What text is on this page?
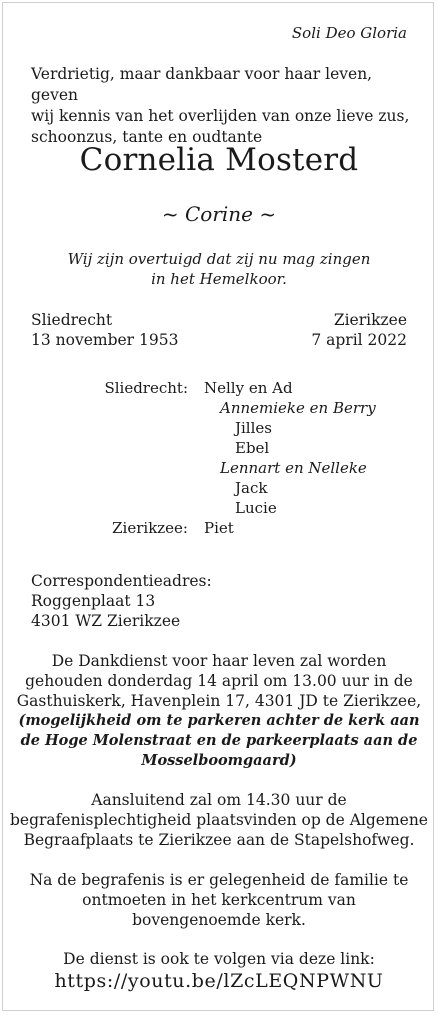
Soli Deo Gloria
Verdrietig, maar dankbaar voor haar leven, geven
wij kennis van het overlijden van onze lieve zus,
schoonzus, tante en oudtante
Cornelia Mosterd
~ Corine ~
Wij zijn overtuigd dat zij nu mag zingen
in het Hemelkoor.
Sliedrecht
13 november 1953
Zierikzee
7 april 2022
Sliedrecht: Nelly en Ad
Annemieke en Berry
Jilles
Ebel
Lennart en Nelleke
Jack
Lucie
Zierikzee: Piet
Correspondentieadres:
Roggenplaat 13
4301 WZ Zierikzee
De Dankdienst voor haar leven zal worden
gehouden donderdag 14 april om 13.00 uur in de
Gasthuiskerk, Havenplein 17, 4301 JD te Zierikzee,
(mogelijkheid om te parkeren achter de kerk aan
de Hoge Molenstraat en de parkeerplaats aan de
Mosselboomgaard)
Aansluitend zal om 14.30 uur de
begrafenisplechtigheid plaatsvinden op de Algemene
Begraafplaats te Zierikzee aan de Stapelshofweg.
Na de begrafenis is er gelegenheid de familie te
ontmoeten in het kerkcentrum van
bovengenoemde kerk.
De dienst is ook te volgen via deze link:
https://youtu.be/lZcLEQNPWNU
